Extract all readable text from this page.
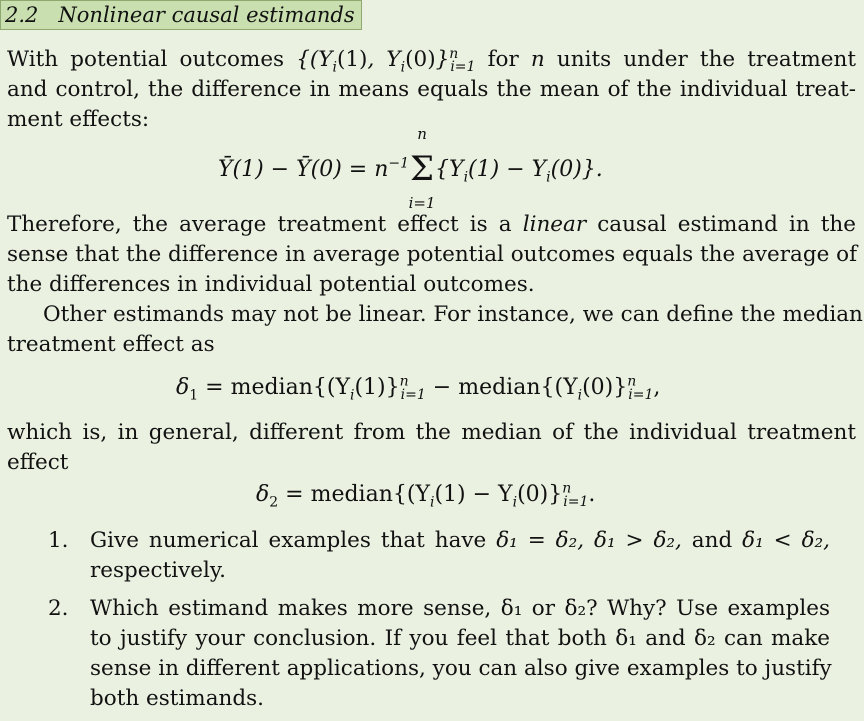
2.2 Nonlinear causal estimands
With potential outcomes {($Y_i(1)$, $Y_i(0)\}^n_{i=1}$ for n units under the treatment
and control, the difference in means equals the mean of the individual treat-
ment effects:
Ȳ(1) − Ȳ(0) = $n^{-1}$
n
Σ
i=1
$\{Y_i(1) - Y_i(0)\}$.
Therefore, the average treatment effect is a linear causal estimand in the
sense that the difference in average potential outcomes equals the average of
the differences in individual potential outcomes.
Other estimands may not be linear. For instance, we can define the median
treatment effect as
$\delta_1$ = $median\{(Y_i(1)\}^n_{i=1}$ − $median\{(Y_i(0)\}^n_{i=1}$,
which is, in general, different from the median of the individual treatment
effect
$\delta_2$ = $median\{(Y_i(1) - Y_i(0)\}^n_{i=1}$.
1. Give numerical examples that have δ₁ = δ₂, δ₁ > δ₂, and δ₁ < δ₂,
respectively.
2. Which estimand makes more sense, δ₁ or δ₂? Why? Use examples
to justify your conclusion. If you feel that both δ₁ and δ₂ can make
sense in different applications, you can also give examples to justify
both estimands.
